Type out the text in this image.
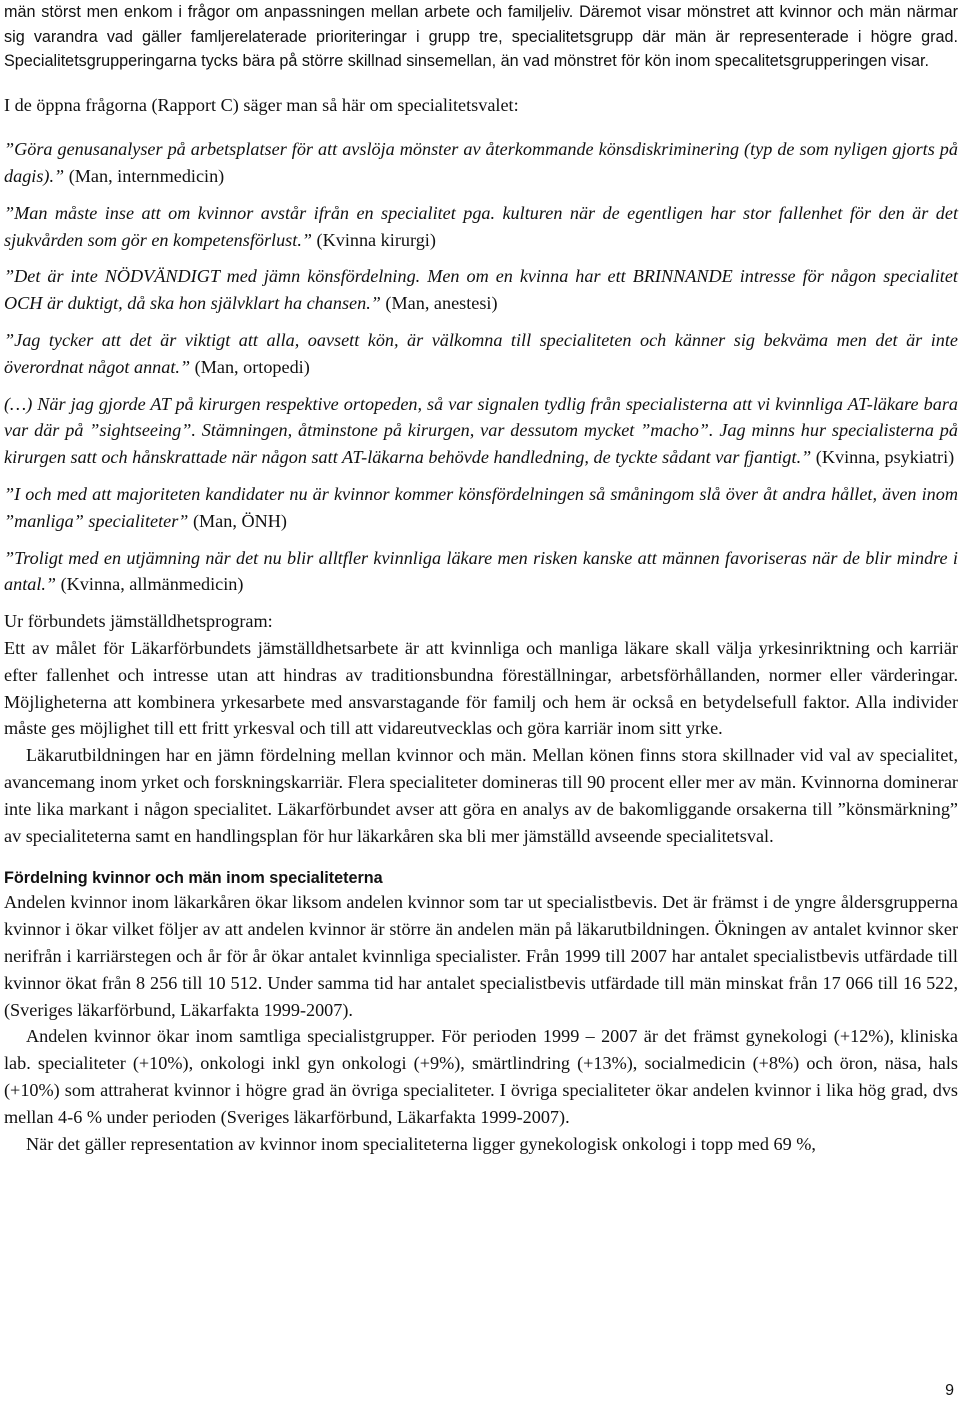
män störst men enkom i frågor om anpassningen mellan arbete och familjeliv. Däremot visar mönstret att kvinnor och män närmar sig varandra vad gäller famljerelaterade prioriteringar i grupp tre, specialitetsgrupp där män är representerade i högre grad. Specialitetsgrupperingarna tycks bära på större skillnad sinsemellan, än vad mönstret för kön inom specalitetsgrupperingen visar.

I de öppna frågorna (Rapport C) säger man så här om specialitetsvalet:

”Göra genusanalyser på arbetsplatser för att avslöja mönster av återkommande könsdiskriminering (typ de som nyligen gjorts på dagis).” (Man, internmedicin)

”Man måste inse att om kvinnor avstår ifrån en specialitet pga. kulturen när de egentligen har stor fallenhet för den är det sjukvården som gör en kompetensförlust.” (Kvinna kirurgi)

”Det är inte NÖDVÄNDIGT med jämn könsfördelning. Men om en kvinna har ett BRINNANDE intresse för någon specialitet OCH är duktigt, då ska hon självklart ha chansen.” (Man, anestesi)

”Jag tycker att det är viktigt att alla, oavsett kön, är välkomna till specialiteten och känner sig bekväma men det är inte överordnat något annat.” (Man, ortopedi)

(…) När jag gjorde AT på kirurgen respektive ortopeden, så var signalen tydlig från specialisterna att vi kvinnliga AT-läkare bara var där på ”sightseeing”. Stämningen, åtminstone på kirurgen, var dessutom mycket ”macho”. Jag minns hur specialisterna på kirurgen satt och hånskrattade när någon satt AT-läkarna behövde handledning, de tyckte sådant var fjantigt.” (Kvinna, psykiatri)

”I och med att majoriteten kandidater nu är kvinnor kommer könsfördelningen så småningom slå över åt andra hållet, även inom ”manliga” specialiteter” (Man, ÖNH)

”Troligt med en utjämning när det nu blir alltfler kvinnliga läkare men risken kanske att männen favoriseras när de blir mindre i antal.” (Kvinna, allmänmedicin)

Ur förbundets jämställdhetsprogram:

Ett av målet för Läkarförbundets jämställdhetsarbete är att kvinnliga och manliga läkare skall välja yrkesinriktning och karriär efter fallenhet och intresse utan att hindras av traditionsbundna föreställningar, arbetsförhållanden, normer eller värderingar. Möjligheterna att kombinera yrkesarbete med ansvarstagande för familj och hem är också en betydelsefull faktor. Alla individer måste ges möjlighet till ett fritt yrkesval och till att vidareutvecklas och göra karriär inom sitt yrke.

Läkarutbildningen har en jämn fördelning mellan kvinnor och män. Mellan könen finns stora skillnader vid val av specialitet, avancemang inom yrket och forskningskarriär. Flera specialiteter domineras till 90 procent eller mer av män. Kvinnorna dominerar inte lika markant i någon specialitet. Läkarförbundet avser att göra en analys av de bakomliggande orsakerna till ”könsmärkning” av specialiteterna samt en handlingsplan för hur läkarkåren ska bli mer jämställd avseende specialitetsval.

Fördelning kvinnor och män inom specialiteterna

Andelen kvinnor inom läkarkåren ökar liksom andelen kvinnor som tar ut specialistbevis. Det är främst i de yngre åldersgrupperna kvinnor i ökar vilket följer av att andelen kvinnor är större än andelen män på läkarutbildningen. Ökningen av antalet kvinnor sker nerifrån i karriärstegen och år för år ökar antalet kvinnliga specialister. Från 1999 till 2007 har antalet specialistbevis utfärdade till kvinnor ökat från 8 256 till 10 512. Under samma tid har antalet specialistbevis utfärdade till män minskat från 17 066 till 16 522, (Sveriges läkarförbund, Läkarfakta 1999-2007).

Andelen kvinnor ökar inom samtliga specialistgrupper. För perioden 1999 – 2007 är det främst gynekologi (+12%), kliniska lab. specialiteter (+10%), onkologi inkl gyn onkologi (+9%), smärtlindring (+13%), socialmedicin (+8%) och öron, näsa, hals (+10%) som attraherat kvinnor i högre grad än övriga specialiteter. I övriga specialiteter ökar andelen kvinnor i lika hög grad, dvs mellan 4-6 % under perioden (Sveriges läkarförbund, Läkarfakta 1999-2007).

När det gäller representation av kvinnor inom specialiteterna ligger gynekologisk onkologi i topp med 69 %,

9
